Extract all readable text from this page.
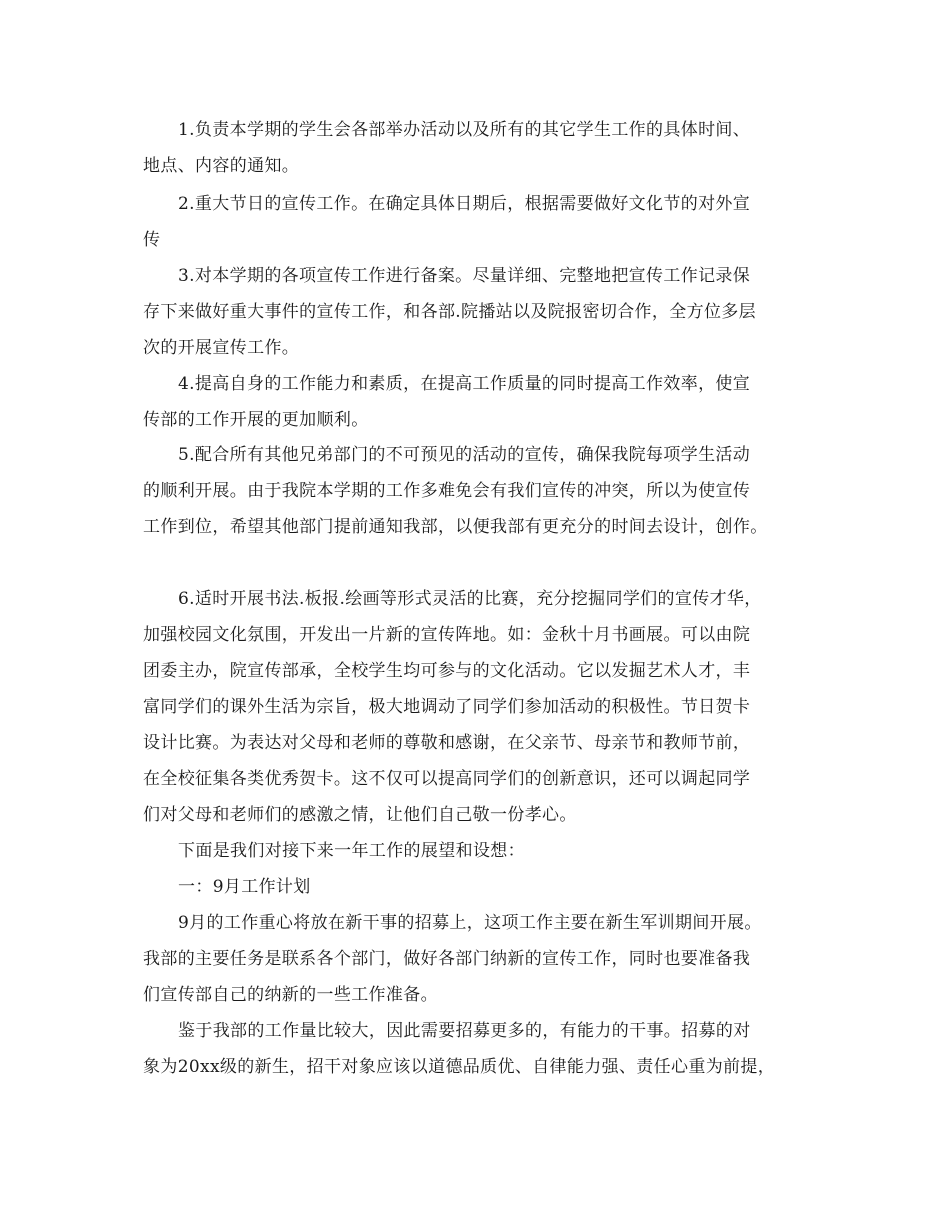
1.负责本学期的学生会各部举办活动以及所有的其它学生工作的具体时间、
地点、内容的通知。
2.重大节日的宣传工作。在确定具体日期后，根据需要做好文化节的对外宣
传
3.对本学期的各项宣传工作进行备案。尽量详细、完整地把宣传工作记录保
存下来做好重大事件的宣传工作，和各部.院播站以及院报密切合作，全方位多层
次的开展宣传工作。
4.提高自身的工作能力和素质，在提高工作质量的同时提高工作效率，使宣
传部的工作开展的更加顺利。
5.配合所有其他兄弟部门的不可预见的活动的宣传，确保我院每项学生活动
的顺利开展。由于我院本学期的工作多难免会有我们宣传的冲突，所以为使宣传
工作到位，希望其他部门提前通知我部，以便我部有更充分的时间去设计，创作。
6.适时开展书法.板报.绘画等形式灵活的比赛，充分挖掘同学们的宣传才华，
加强校园文化氛围，开发出一片新的宣传阵地。如：金秋十月书画展。可以由院
团委主办，院宣传部承，全校学生均可参与的文化活动。它以发掘艺术人才，丰
富同学们的课外生活为宗旨，极大地调动了同学们参加活动的积极性。节日贺卡
设计比赛。为表达对父母和老师的尊敬和感谢，在父亲节、母亲节和教师节前，
在全校征集各类优秀贺卡。这不仅可以提高同学们的创新意识，还可以调起同学
们对父母和老师们的感激之情，让他们自己敬一份孝心。
下面是我们对接下来一年工作的展望和设想：
一：9月工作计划
9月的工作重心将放在新干事的招募上，这项工作主要在新生军训期间开展。
我部的主要任务是联系各个部门，做好各部门纳新的宣传工作，同时也要准备我
们宣传部自己的纳新的一些工作准备。
鉴于我部的工作量比较大，因此需要招募更多的，有能力的干事。招募的对
象为20xx级的新生，招干对象应该以道德品质优、自律能力强、责任心重为前提，
